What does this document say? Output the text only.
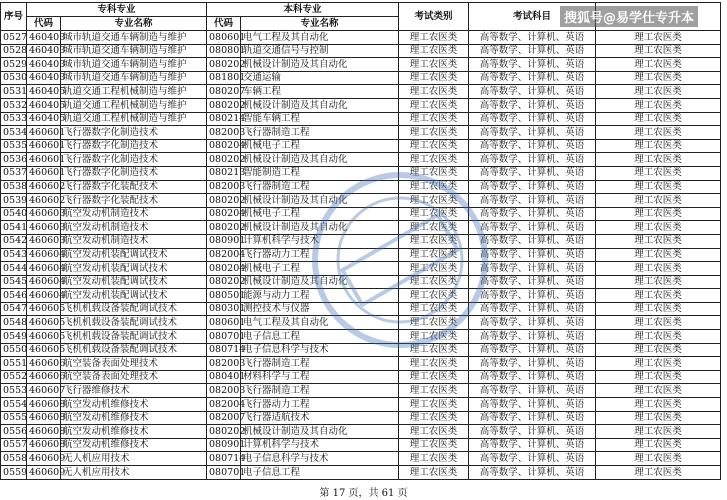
序号	专科专业		本科专业		考试类别	考试科目	
	代码	专业名称	代码	专业名称			
0527	460403	城市轨道交通车辆制造与维护	080601	电气工程及其自动化	理工农医类	高等数学、计算机、英语	理工农医类
0528	460403	城市轨道交通车辆制造与维护	080801	轨道交通信号与控制	理工农医类	高等数学、计算机、英语	理工农医类
0529	460403	城市轨道交通车辆制造与维护	080202	机械设计制造及其自动化	理工农医类	高等数学、计算机、英语	理工农医类
0530	460403	城市轨道交通车辆制造与维护	081801	交通运输	理工农医类	高等数学、计算机、英语	理工农医类
0531	460405	轨道交通工程机械制造与维护	080207	车辆工程	理工农医类	高等数学、计算机、英语	理工农医类
0532	460405	轨道交通工程机械制造与维护	080202	机械设计制造及其自动化	理工农医类	高等数学、计算机、英语	理工农医类
0533	460405	轨道交通工程机械制造与维护	080214	智能车辆工程	理工农医类	高等数学、计算机、英语	理工农医类
0534	460601	飞行器数字化制造技术	082003	飞行器制造工程	理工农医类	高等数学、计算机、英语	理工农医类
0535	460601	飞行器数字化制造技术	080204	机械电子工程	理工农医类	高等数学、计算机、英语	理工农医类
0536	460601	飞行器数字化制造技术	080202	机械设计制造及其自动化	理工农医类	高等数学、计算机、英语	理工农医类
0537	460601	飞行器数字化制造技术	080213	智能制造工程	理工农医类	高等数学、计算机、英语	理工农医类
0538	460602	飞行器数字化装配技术	082003	飞行器制造工程	理工农医类	高等数学、计算机、英语	理工农医类
0539	460602	飞行器数字化装配技术	080202	机械设计制造及其自动化	理工农医类	高等数学、计算机、英语	理工农医类
0540	460603	航空发动机制造技术	080204	机械电子工程	理工农医类	高等数学、计算机、英语	理工农医类
0541	460603	航空发动机制造技术	080202	机械设计制造及其自动化	理工农医类	高等数学、计算机、英语	理工农医类
0542	460603	航空发动机制造技术	080901	计算机科学与技术	理工农医类	高等数学、计算机、英语	理工农医类
0543	460604	航空发动机装配调试技术	082004	飞行器动力工程	理工农医类	高等数学、计算机、英语	理工农医类
0544	460604	航空发动机装配调试技术	080204	机械电子工程	理工农医类	高等数学、计算机、英语	理工农医类
0545	460604	航空发动机装配调试技术	080202	机械设计制造及其自动化	理工农医类	高等数学、计算机、英语	理工农医类
0546	460604	航空发动机装配调试技术	080501	能源与动力工程	理工农医类	高等数学、计算机、英语	理工农医类
0547	460605	飞机机载设备装配调试技术	080301	测控技术与仪器	理工农医类	高等数学、计算机、英语	理工农医类
0548	460605	飞机机载设备装配调试技术	080601	电气工程及其自动化	理工农医类	高等数学、计算机、英语	理工农医类
0549	460605	飞机机载设备装配调试技术	080701	电子信息工程	理工农医类	高等数学、计算机、英语	理工农医类
0550	460605	飞机机载设备装配调试技术	080714	电子信息科学与技术	理工农医类	高等数学、计算机、英语	理工农医类
0551	460606	航空装备表面处理技术	082003	飞行器制造工程	理工农医类	高等数学、计算机、英语	理工农医类
0552	460606	航空装备表面处理技术	080401	材料科学与工程	理工农医类	高等数学、计算机、英语	理工农医类
0553	460607	飞行器维修技术	082003	飞行器制造工程	理工农医类	高等数学、计算机、英语	理工农医类
0554	460608	航空发动机维修技术	082004	飞行器动力工程	理工农医类	高等数学、计算机、英语	理工农医类
0555	460608	航空发动机维修技术	082007	飞行器适航技术	理工农医类	高等数学、计算机、英语	理工农医类
0556	460608	航空发动机维修技术	080202	机械设计制造及其自动化	理工农医类	高等数学、计算机、英语	理工农医类
0557	460608	航空发动机维修技术	080901	计算机科学与技术	理工农医类	高等数学、计算机、英语	理工农医类
0558	460609	无人机应用技术	080714	电子信息科学与技术	理工农医类	高等数学、计算机、英语	理工农医类
0559	460609	无人机应用技术	080701	电子信息工程	理工农医类	高等数学、计算机、英语	理工农医类
搜狐号@易学仕专升本
第 17 页，共 61 页
